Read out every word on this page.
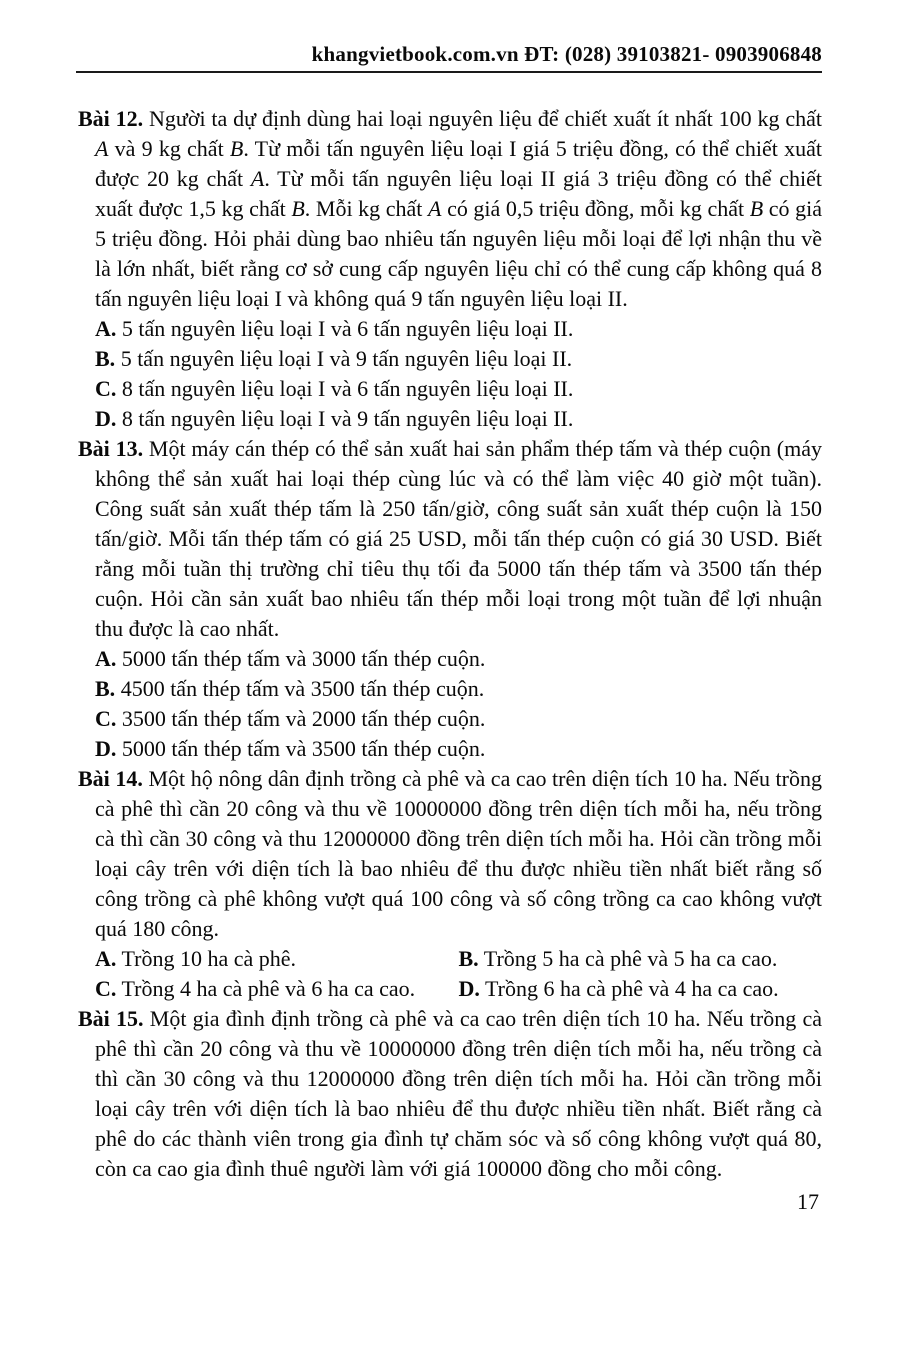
khangvietbook.com.vn ĐT: (028) 39103821- 0903906848

Bài 12. Người ta dự định dùng hai loại nguyên liệu để chiết xuất ít nhất 100 kg chất A và 9 kg chất B. Từ mỗi tấn nguyên liệu loại I giá 5 triệu đồng, có thể chiết xuất được 20 kg chất A. Từ mỗi tấn nguyên liệu loại II giá 3 triệu đồng có thể chiết xuất được 1,5 kg chất B. Mỗi kg chất A có giá 0,5 triệu đồng, mỗi kg chất B có giá 5 triệu đồng. Hỏi phải dùng bao nhiêu tấn nguyên liệu mỗi loại để lợi nhận thu về là lớn nhất, biết rằng cơ sở cung cấp nguyên liệu chỉ có thể cung cấp không quá 8 tấn nguyên liệu loại I và không quá 9 tấn nguyên liệu loại II.

A. 5 tấn nguyên liệu loại I và 6 tấn nguyên liệu loại II.
B. 5 tấn nguyên liệu loại I và 9 tấn nguyên liệu loại II.
C. 8 tấn nguyên liệu loại I và 6 tấn nguyên liệu loại II.
D. 8 tấn nguyên liệu loại I và 9 tấn nguyên liệu loại II.

Bài 13. Một máy cán thép có thể sản xuất hai sản phẩm thép tấm và thép cuộn (máy không thể sản xuất hai loại thép cùng lúc và có thể làm việc 40 giờ một tuần). Công suất sản xuất thép tấm là 250 tấn/giờ, công suất sản xuất thép cuộn là 150 tấn/giờ. Mỗi tấn thép tấm có giá 25 USD, mỗi tấn thép cuộn có giá 30 USD. Biết rằng mỗi tuần thị trường chỉ tiêu thụ tối đa 5000 tấn thép tấm và 3500 tấn thép cuộn. Hỏi cần sản xuất bao nhiêu tấn thép mỗi loại trong một tuần để lợi nhuận thu được là cao nhất.

A. 5000 tấn thép tấm và 3000 tấn thép cuộn.
B. 4500 tấn thép tấm và 3500 tấn thép cuộn.
C. 3500 tấn thép tấm và 2000 tấn thép cuộn.
D. 5000 tấn thép tấm và 3500 tấn thép cuộn.

Bài 14. Một hộ nông dân định trồng cà phê và ca cao trên diện tích 10 ha. Nếu trồng cà phê thì cần 20 công và thu về 10000000 đồng trên diện tích mỗi ha, nếu trồng cà thì cần 30 công và thu 12000000 đồng trên diện tích mỗi ha. Hỏi cần trồng mỗi loại cây trên với diện tích là bao nhiêu để thu được nhiều tiền nhất biết rằng số công trồng cà phê không vượt quá 100 công và số công trồng ca cao không vượt quá 180 công.

A. Trồng 10 ha cà phê.	B. Trồng 5 ha cà phê và 5 ha ca cao.
C. Trồng 4 ha cà phê và 6 ha ca cao.	D. Trồng 6 ha cà phê và 4 ha ca cao.

Bài 15. Một gia đình định trồng cà phê và ca cao trên diện tích 10 ha. Nếu trồng cà phê thì cần 20 công và thu về 10000000 đồng trên diện tích mỗi ha, nếu trồng cà thì cần 30 công và thu 12000000 đồng trên diện tích mỗi ha. Hỏi cần trồng mỗi loại cây trên với diện tích là bao nhiêu để thu được nhiều tiền nhất. Biết rằng cà phê do các thành viên trong gia đình tự chăm sóc và số công không vượt quá 80, còn ca cao gia đình thuê người làm với giá 100000 đồng cho mỗi công.

17
